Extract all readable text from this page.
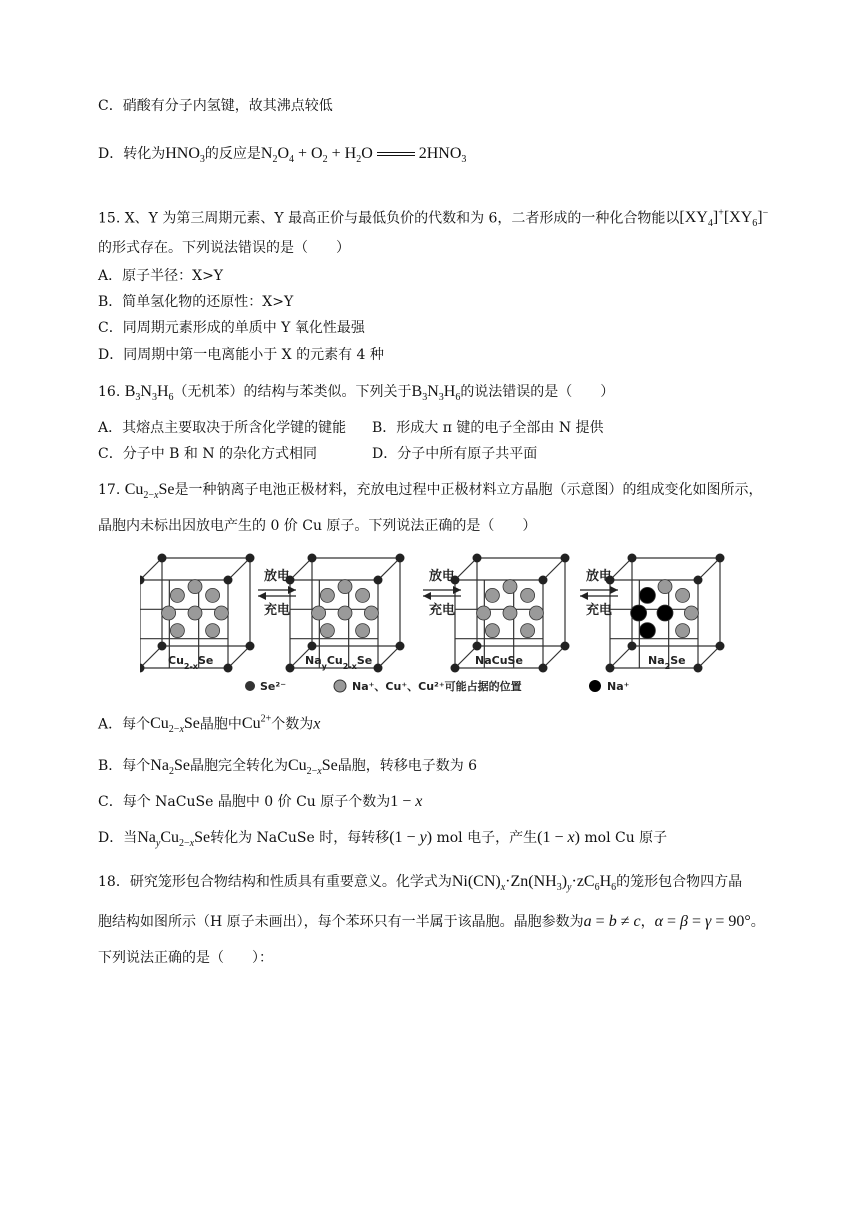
C．硝酸有分子内氢键，故其沸点较低
D．转化为$HNO_3$的反应是$N_2O_4 + O_2 + H_2O$	$2HNO_3$
15. X、Y 为第三周期元素、Y 最高正价与最低负价的代数和为 6，二者形成的一种化合物能以$[XY_4]^+[XY_6]^-$
的形式存在。下列说法错误的是（　　）
A．原子半径：X>Y
B．简单氢化物的还原性：X>Y
C．同周期元素形成的单质中 Y 氧化性最强
D．同周期中第一电离能小于 X 的元素有 4 种
16. $B_3N_3H_6$（无机苯）的结构与苯类似。下列关于$B_3N_3H_6$的说法错误的是（　　）
A．其熔点主要取决于所含化学键的键能 B．形成大 π 键的电子全部由 N 提供
C．分子中 B 和 N 的杂化方式相同	D．分子中所有原子共平面
17. $Cu_{2-x}Se$是一种钠离子电池正极材料，充放电过程中正极材料立方晶胞（示意图）的组成变化如图所示，
晶胞内未标出因放电产生的 0 价 Cu 原子。下列说法正确的是（　　）
放电
充电
放电
充电
放电
充电
$Cu_{2-x}Se$	$Na_yCu_{2-x}Se$	NaCuSe	$Na_2Se$
Se²⁻	Na⁺、Cu⁺、Cu²⁺可能占据的位置	Na⁺
A．每个$Cu_{2-x}Se$晶胞中$Cu^{2+}$个数为x
B．每个$Na_2Se$晶胞完全转化为$Cu_{2-x}Se$晶胞，转移电子数为 6
C．每个 NaCuSe 晶胞中 0 价 Cu 原子个数为1 − x
D．当$Na_yCu_{2-x}Se$转化为 NaCuSe 时，每转移(1 − y) mol 电子，产生(1 − x) mol Cu 原子
18．研究笼形包合物结构和性质具有重要意义。化学式为$Ni(CN)_x\cdot Zn(NH_3)_y\cdot zC_6H_6$的笼形包合物四方晶
胞结构如图所示（H 原子未画出），每个苯环只有一半属于该晶胞。晶胞参数为a = b ≠ c，α = β = γ = 90°。
下列说法正确的是（　　）：
